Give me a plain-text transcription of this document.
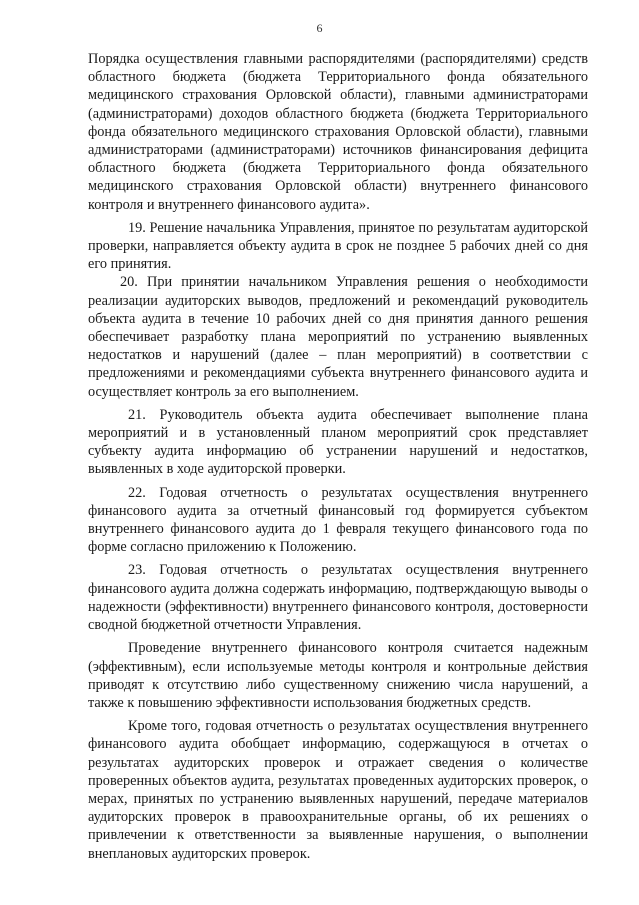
6

Порядка осуществления главными распорядителями (распорядителями) средств областного бюджета (бюджета Территориального фонда обязательного медицинского страхования Орловской области), главными администраторами (администраторами) доходов областного бюджета (бюджета Территориального фонда обязательного медицинского страхования Орловской области), главными администраторами (администраторами) источников финансирования дефицита областного бюджета (бюджета Территориального фонда обязательного медицинского страхования Орловской области) внутреннего финансового контроля и внутреннего финансового аудита».

19. Решение начальника Управления, принятое по результатам аудиторской проверки, направляется объекту аудита в срок не позднее 5 рабочих дней со дня его принятия.

20. При принятии начальником Управления решения о необходимости реализации аудиторских выводов, предложений и рекомендаций руководитель объекта аудита в течение 10 рабочих дней со дня принятия данного решения обеспечивает разработку плана мероприятий по устранению выявленных недостатков и нарушений (далее – план мероприятий) в соответствии с предложениями и рекомендациями субъекта внутреннего финансового аудита и осуществляет контроль за его выполнением.

21. Руководитель объекта аудита обеспечивает выполнение плана мероприятий и в установленный планом мероприятий срок представляет субъекту аудита информацию об устранении нарушений и недостатков, выявленных в ходе аудиторской проверки.

22. Годовая отчетность о результатах осуществления внутреннего финансового аудита за отчетный финансовый год формируется субъектом внутреннего финансового аудита до 1 февраля текущего финансового года по форме согласно приложению к Положению.

23. Годовая отчетность о результатах осуществления внутреннего финансового аудита должна содержать информацию, подтверждающую выводы о надежности (эффективности) внутреннего финансового контроля, достоверности сводной бюджетной отчетности Управления.

Проведение внутреннего финансового контроля считается надежным (эффективным), если используемые методы контроля и контрольные действия приводят к отсутствию либо существенному снижению числа нарушений, а также к повышению эффективности использования бюджетных средств.

Кроме того, годовая отчетность о результатах осуществления внутреннего финансового аудита обобщает информацию, содержащуюся в отчетах о результатах аудиторских проверок и отражает сведения о количестве проверенных объектов аудита, результатах проведенных аудиторских проверок, о мерах, принятых по устранению выявленных нарушений, передаче материалов аудиторских проверок в правоохранительные органы, об их решениях о привлечении к ответственности за выявленные нарушения, о выполнении внеплановых аудиторских проверок.
